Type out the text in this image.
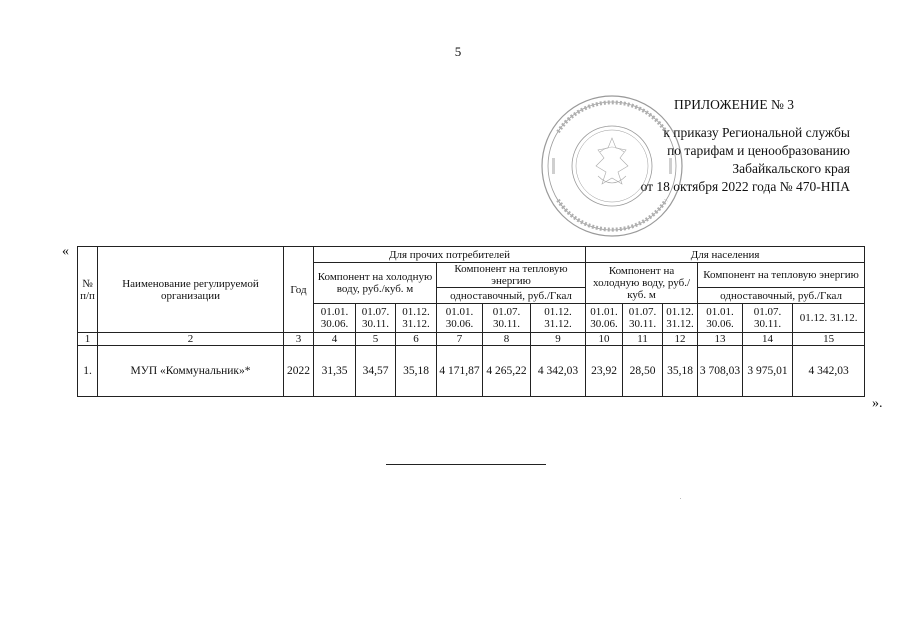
5
ПРИЛОЖЕНИЕ № 3
к приказу Региональной службы
по тарифам и ценообразованию
Забайкальского края
от 18 октября 2022 года № 470-НПА
«
№ п/п	Наименование регулируемой организации	Год	Для прочих потребителей						Для населения					
			Компонент на холодную воду, руб./куб. м			Компонент на тепловую энергию			Компонент на холодную воду, руб./куб. м			Компонент на тепловую энергию		
						одноставочный, руб./Гкал						одноставочный, руб./Гкал		
			01.01. 30.06.	01.07. 30.11.	01.12. 31.12.	01.01. 30.06.	01.07. 30.11.	01.12. 31.12.	01.01. 30.06.	01.07. 30.11.	01.12. 31.12.	01.01. 30.06.	01.07. 30.11.	01.12. 31.12.
1	2	3	4	5	6	7	8	9	10	11	12	13	14	15
1.	МУП «Коммунальник»*	2022	31,35	34,57	35,18	4 171,87	4 265,22	4 342,03	23,92	28,50	35,18	3 708,03	3 975,01	4 342,03
».
